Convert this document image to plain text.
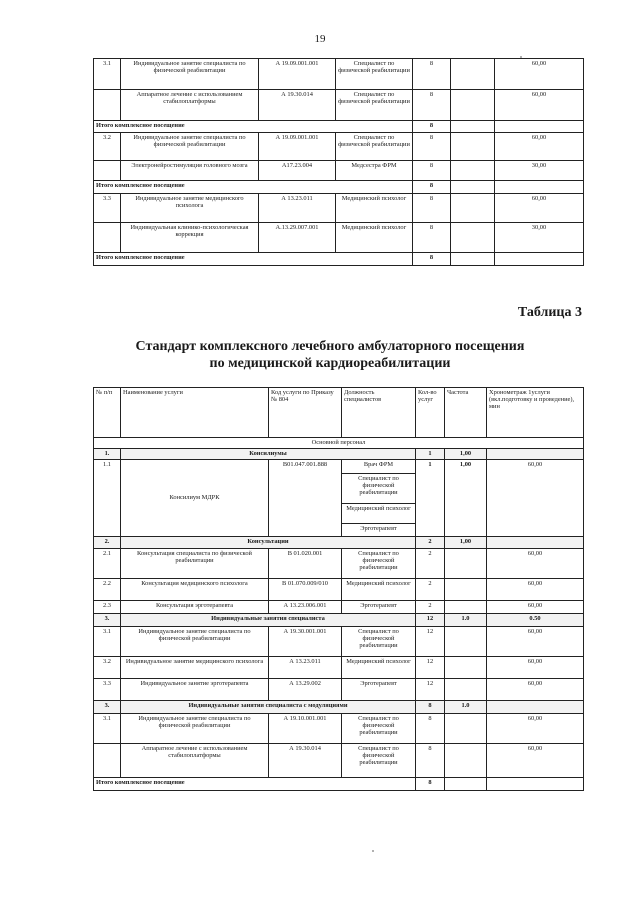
19
3.1	Индивидуальное занятие специалиста по физической реабилитации	А 19.09.001.001	Специалист по физической реабилитации	8		60,00
	Аппаратное лечение с использованием стабилоплатформы	А 19.30.014	Специалист по физической реабилитации	8		60,00
Итого комплексное посещение				8		
3.2	Индивидуальное занятие специалиста по физической реабилитации	А 19.09.001.001	Специалист по физической реабилитации	8		60,00
	Электронейростимуляция головного мозга	А17.23.004	Медсестра ФРМ	8		30,00
Итого комплексное посещение				8		
3.3	Индивидуальное занятие медицинского психолога	А 13.23.011	Медицинский психолог	8		60,00
	Индивидуальная клинико-психологическая коррекция	А.13.29.007.001	Медицинский психолог	8		30,00
Итого комплексное посещение				8		
Таблица 3
Стандарт комплексного лечебного амбулаторного посещения
по медицинской кардиореабилитации
№ п/п	Наименование услуги	Код услуги по Приказу № 804	Должность специалистов	Кол-во услуг	Частота	Хронометраж 1услуги (вкл.подготовку и проведение), мин
Основной персонал						
1.	Консилиумы			1	1,00	
1.1	Консилиум МДРК	В01.047.001.888	Врач ФРМ	1	1,00	60,00
			Специалист по физической реабилитации			
			Медицинский психолог			
			Эрготерапевт			
2.	Консультации			2	1,00	
2.1	Консультация специалиста по физической реабилитации	В 01.020.001	Специалист по физической реабилитации	2		60,00
2.2	Консультация медицинского психолога	В 01.070.009/010	Медицинский психолог	2		60,00
2.3	Консультация эрготерапевта	А 13.23.006.001	Эрготерапевт	2		60,00
3.	Индивидуальные занятия специалиста			12	1.0	0.50
3.1	Индивидуальное занятие специалиста по физической реабилитации	А 19.30.001.001	Специалист по физической реабилитации	12		60,00
3.2	Индивидуальное занятие медицинского психолога	А 13.23.011	Медицинский психолог	12		60,00
3.3	Индивидуальное занятие эрготерапевта	А 13.29.002	Эрготерапевт	12		60,00
3.	Индивидуальные занятия специалиста с модуляциями			8	1.0	
3.1	Индивидуальное занятие специалиста по физической реабилитации	А 19.10.001.001	Специалист по физической реабилитации	8		60,00
	Аппаратное лечение с использованием стабилоплатформы	А 19.30.014	Специалист по физической реабилитации	8		60,00
Итого комплексное посещение				8		
